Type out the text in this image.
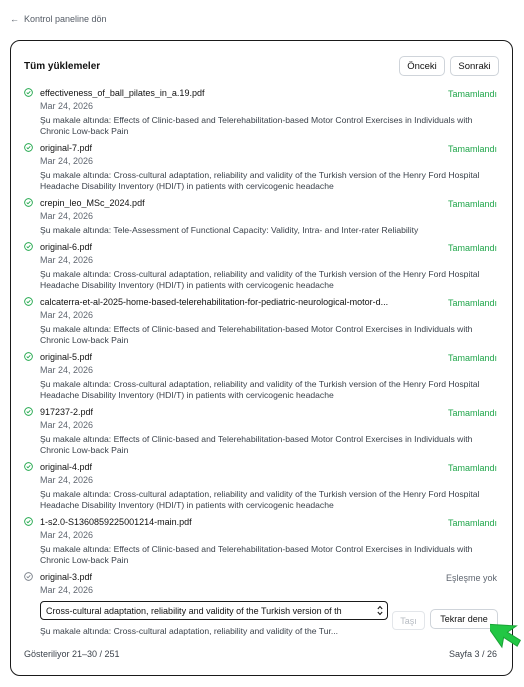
← Kontrol paneline dön
Tüm yüklemeler	Önceki	Sonraki
effectiveness_of_ball_pilates_in_a.19.pdf
Mar 24, 2026
Şu makale altında: Effects of Clinic-based and Telerehabilitation-based Motor Control Exercises in Individuals with Chronic Low-back Pain
Tamamlandı
original-7.pdf
Mar 24, 2026
Şu makale altında: Cross-cultural adaptation, reliability and validity of the Turkish version of the Henry Ford Hospital Headache Disability Inventory (HDI/T) in patients with cervicogenic headache
Tamamlandı
crepin_leo_MSc_2024.pdf
Mar 24, 2026
Şu makale altında: Tele-Assessment of Functional Capacity: Validity, Intra- and Inter-rater Reliability
Tamamlandı
original-6.pdf
Mar 24, 2026
Şu makale altında: Cross-cultural adaptation, reliability and validity of the Turkish version of the Henry Ford Hospital Headache Disability Inventory (HDI/T) in patients with cervicogenic headache
Tamamlandı
calcaterra-et-al-2025-home-based-telerehabilitation-for-pediatric-neurological-motor-d...
Mar 24, 2026
Şu makale altında: Effects of Clinic-based and Telerehabilitation-based Motor Control Exercises in Individuals with Chronic Low-back Pain
Tamamlandı
original-5.pdf
Mar 24, 2026
Şu makale altında: Cross-cultural adaptation, reliability and validity of the Turkish version of the Henry Ford Hospital Headache Disability Inventory (HDI/T) in patients with cervicogenic headache
Tamamlandı
917237-2.pdf
Mar 24, 2026
Şu makale altında: Effects of Clinic-based and Telerehabilitation-based Motor Control Exercises in Individuals with Chronic Low-back Pain
Tamamlandı
original-4.pdf
Mar 24, 2026
Şu makale altında: Cross-cultural adaptation, reliability and validity of the Turkish version of the Henry Ford Hospital Headache Disability Inventory (HDI/T) in patients with cervicogenic headache
Tamamlandı
1-s2.0-S1360859225001214-main.pdf
Mar 24, 2026
Şu makale altında: Effects of Clinic-based and Telerehabilitation-based Motor Control Exercises in Individuals with Chronic Low-back Pain
Tamamlandı
original-3.pdf
Mar 24, 2026
Eşleşme yok
Cross-cultural adaptation, reliability and validity of the Turkish version of th
Taşı	Tekrar dene
Şu makale altında: Cross-cultural adaptation, reliability and validity of the Tur...
Gösteriliyor 21–30 / 251	Sayfa 3 / 26
